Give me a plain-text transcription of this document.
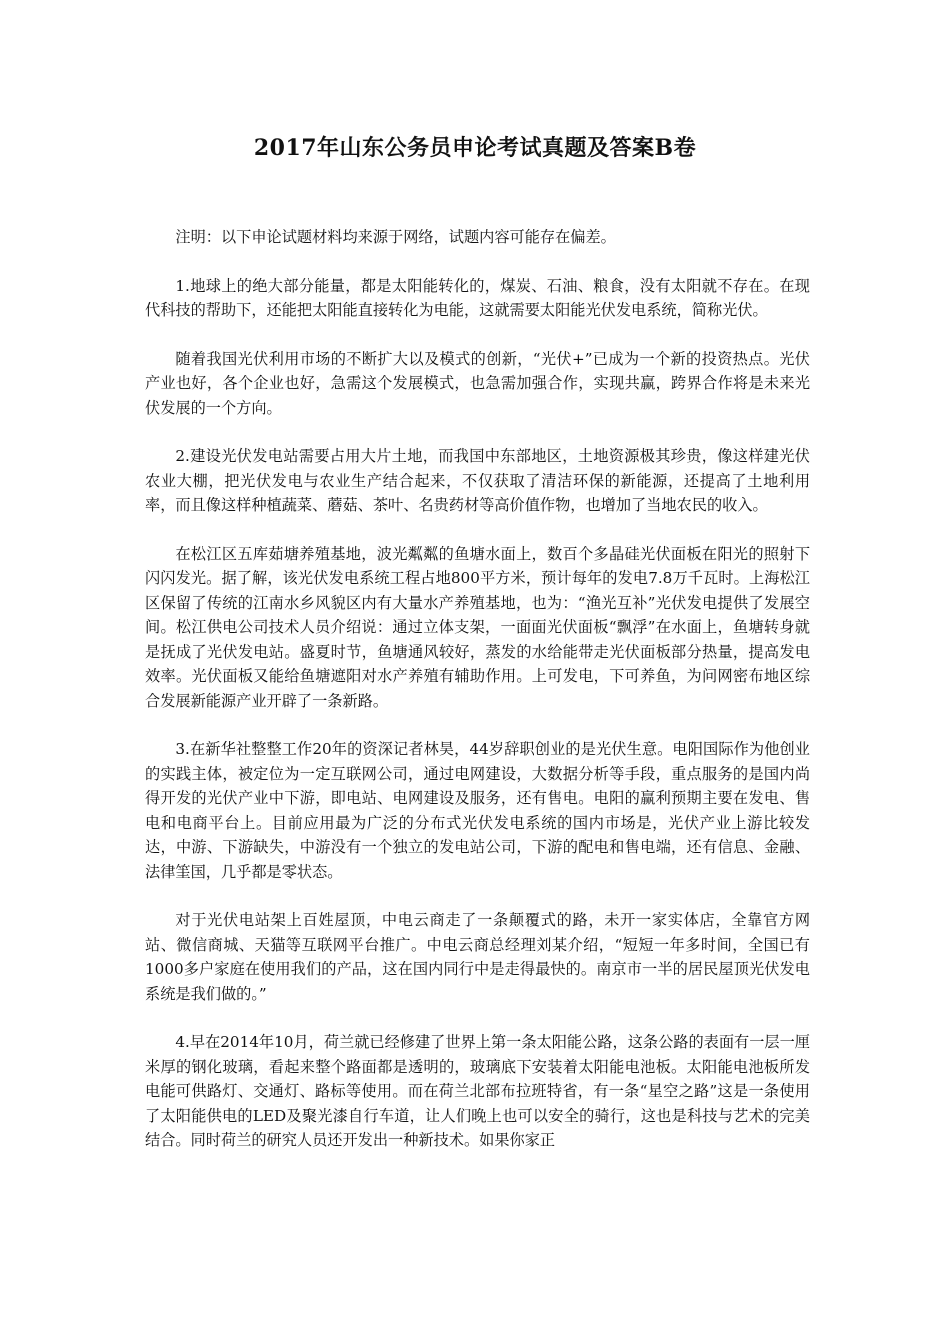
2017年山东公务员申论考试真题及答案B卷

注明：以下申论试题材料均来源于网络，试题内容可能存在偏差。

1.地球上的绝大部分能量，都是太阳能转化的，煤炭、石油、粮食，没有太阳就不存在。在现代科技的帮助下，还能把太阳能直接转化为电能，这就需要太阳能光伏发电系统，简称光伏。

随着我国光伏利用市场的不断扩大以及模式的创新，“光伏+”已成为一个新的投资热点。光伏产业也好，各个企业也好，急需这个发展模式，也急需加强合作，实现共赢，跨界合作将是未来光伏发展的一个方向。

2.建设光伏发电站需要占用大片土地，而我国中东部地区，土地资源极其珍贵，像这样建光伏农业大棚，把光伏发电与农业生产结合起来，不仅获取了清洁环保的新能源，还提高了土地利用率，而且像这样种植蔬菜、蘑菇、茶叶、名贵药材等高价值作物，也增加了当地农民的收入。

在松江区五库茹塘养殖基地，波光粼粼的鱼塘水面上，数百个多晶硅光伏面板在阳光的照射下闪闪发光。据了解，该光伏发电系统工程占地800平方米，预计每年的发电7.8万千瓦时。上海松江区保留了传统的江南水乡风貌区内有大量水产养殖基地，也为：“渔光互补”光伏发电提供了发展空间。松江供电公司技术人员介绍说：通过立体支架，一面面光伏面板“飘浮”在水面上，鱼塘转身就是抚成了光伏发电站。盛夏时节，鱼塘通风较好，蒸发的水给能带走光伏面板部分热量，提高发电效率。光伏面板又能给鱼塘遮阳对水产养殖有辅助作用。上可发电，下可养鱼，为问网密布地区综合发展新能源产业开辟了一条新路。

3.在新华社整整工作20年的资深记者林昊，44岁辞职创业的是光伏生意。电阳国际作为他创业的实践主体，被定位为一定互联网公司，通过电网建设，大数据分析等手段，重点服务的是国内尚得开发的光伏产业中下游，即电站、电网建设及服务，还有售电。电阳的赢利预期主要在发电、售电和电商平台上。目前应用最为广泛的分布式光伏发电系统的国内市场是，光伏产业上游比较发达，中游、下游缺失，中游没有一个独立的发电站公司，下游的配电和售电端，还有信息、金融、法律筀国，几乎都是零状态。

对于光伏电站架上百姓屋顶，中电云商走了一条颠覆式的路，未开一家实体店，全靠官方网站、微信商城、天猫等互联网平台推广。中电云商总经理刘某介绍，“短短一年多时间，全国已有1000多户家庭在使用我们的产品，这在国内同行中是走得最快的。南京市一半的居民屋顶光伏发电系统是我们做的。”

4.早在2014年10月，荷兰就已经修建了世界上第一条太阳能公路，这条公路的表面有一层一厘米厚的钢化玻璃，看起来整个路面都是透明的，玻璃底下安装着太阳能电池板。太阳能电池板所发电能可供路灯、交通灯、路标等使用。而在荷兰北部布拉班特省，有一条“星空之路”这是一条使用了太阳能供电的LED及聚光漆自行车道，让人们晚上也可以安全的骑行，这也是科技与艺术的完美结合。同时荷兰的研究人员还开发出一种新技术。如果你家正
